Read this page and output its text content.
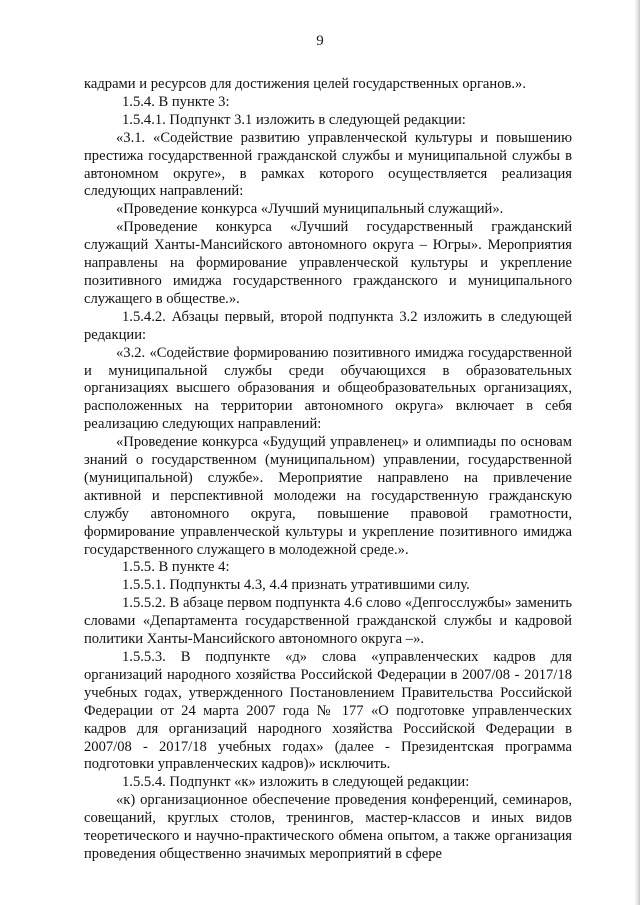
9

кадрами и ресурсов для достижения целей государственных органов.».

1.5.4. В пункте 3:

1.5.4.1. Подпункт 3.1 изложить в следующей редакции:

«3.1. «Содействие развитию управленческой культуры и повышению престижа государственной гражданской службы и муниципальной службы в автономном округе», в рамках которого осуществляется реализация следующих направлений:

«Проведение конкурса «Лучший муниципальный служащий».

«Проведение конкурса «Лучший государственный гражданский служащий Ханты-Мансийского автономного округа – Югры». Мероприятия направлены на формирование управленческой культуры и укрепление позитивного имиджа государственного гражданского и муниципального служащего в обществе.».

1.5.4.2. Абзацы первый, второй подпункта 3.2 изложить в следующей редакции:

«3.2. «Содействие формированию позитивного имиджа государственной и муниципальной службы среди обучающихся в образовательных организациях высшего образования и общеобразовательных организациях, расположенных на территории автономного округа» включает в себя реализацию следующих направлений:

«Проведение конкурса «Будущий управленец» и олимпиады по основам знаний о государственном (муниципальном) управлении, государственной (муниципальной) службе». Мероприятие направлено на привлечение активной и перспективной молодежи на государственную гражданскую службу автономного округа, повышение правовой грамотности, формирование управленческой культуры и укрепление позитивного имиджа государственного служащего в молодежной среде.».

1.5.5. В пункте 4:

1.5.5.1. Подпункты 4.3, 4.4 признать утратившими силу.

1.5.5.2. В абзаце первом подпункта 4.6 слово «Депгосслужбы» заменить словами «Департамента государственной гражданской службы и кадровой политики Ханты-Мансийского автономного округа –».

1.5.5.3. В подпункте «д» слова «управленческих кадров для организаций народного хозяйства Российской Федерации в 2007/08 - 2017/18 учебных годах, утвержденного Постановлением Правительства Российской Федерации от 24 марта 2007 года № 177 «О подготовке управленческих кадров для организаций народного хозяйства Российской Федерации в 2007/08 - 2017/18 учебных годах» (далее - Президентская программа подготовки управленческих кадров)» исключить.

1.5.5.4. Подпункт «к» изложить в следующей редакции:

«к) организационное обеспечение проведения конференций, семинаров, совещаний, круглых столов, тренингов, мастер-классов и иных видов теоретического и научно-практического обмена опытом, а также организация проведения общественно значимых мероприятий в сфере
